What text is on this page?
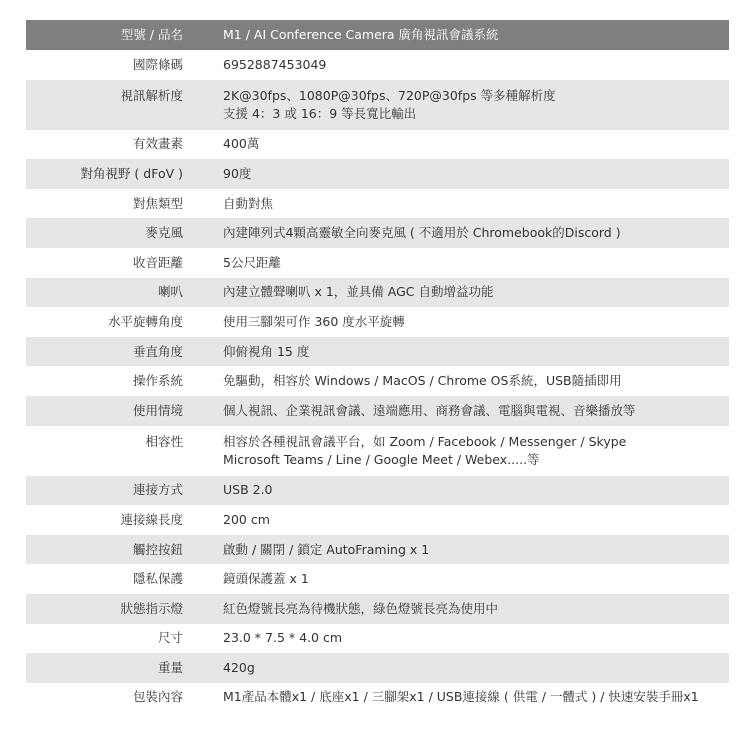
型號 / 品名	M1 / AI Conference Camera 廣角視訊會議系統
國際條碼	6952887453049
視訊解析度	2K@30fps、1080P@30fps、720P@30fps 等多種解析度
支援 4：3 或 16：9 等長寬比輸出
有效畫素	400萬
對角視野 ( dFoV )	90度
對焦類型	自動對焦
麥克風	內建陣列式4顆高靈敏全向麥克風 ( 不適用於 Chromebook的Discord )
收音距離	5公尺距離
喇叭	內建立體聲喇叭 x 1，並具備 AGC 自動增益功能
水平旋轉角度	使用三腳架可作 360 度水平旋轉
垂直角度	仰俯視角 15 度
操作系統	免驅動，相容於 Windows / MacOS / Chrome OS系統，USB隨插即用
使用情境	個人視訊、企業視訊會議、遠端應用、商務會議、電腦與電視、音樂播放等
相容性	相容於各種視訊會議平台，如 Zoom / Facebook / Messenger / Skype
Microsoft Teams / Line / Google Meet / Webex.....等
連接方式	USB 2.0
連接線長度	200 cm
觸控按鈕	啟動 / 關閉 / 鎖定 AutoFraming x 1
隱私保護	鏡頭保護蓋 x 1
狀態指示燈	紅色燈號長亮為待機狀態，綠色燈號長亮為使用中
尺寸	23.0 * 7.5 * 4.0 cm
重量	420g
包裝內容	M1產品本體x1 / 底座x1 / 三腳架x1 / USB連接線 ( 供電 / 一體式 ) / 快速安裝手冊x1
